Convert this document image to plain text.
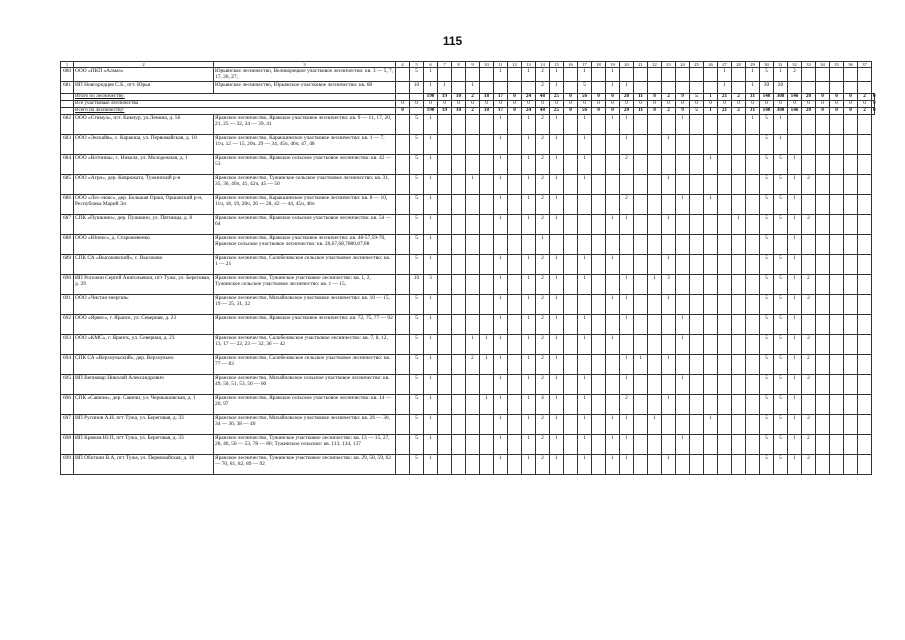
115
1	2	3	4	5	6	7	8	9	10	11	12	13	14	15	16	17	18	19	20	21	22	23	24	25	26	27	28	29	30	31	32	33	34	35	36	37	
680	ООО «ПКП «Алмаз»	Юрьянское лесничество, Великорецкое участковое лесничество: кв. 3 — 5, 7, 17, 26, 27,		5	1					1		1	2	1		1		1								1		1	5	1	2						
681	ИП Новгородцев С.Б., пгт. Юрья	Юрьянское лесничество, Юрьянское участковое лесничество: кв. 68		10	1	1		1					2	1		5		1	1							1		1	30	20							
	Итого по лесничеству:				190	19	10	2	18	17	0	24	48	25	0	56	0	0	20	11	8	2	9	5	1	21	2	31	148	308	146	20	0	0	0	2	0
	Все участковые лесничества		0	0	0	0	0	0	0	0	0	0	0	0	0	0	0	0	0	0	0	0	0	0	0	0	0	0	0	0	0	0	0	0	0	0	0
	Всего по лесничеству:		0		190	19	10	2	18	17	0	24	48	25	0	56	0	0	20	11	8	2	9	5	1	21	2	31	148	308	146	20	0	0	0	2	0
682	ООО «Стимул», пгт. Кикнур, ул.Ленина, д. 56	Яранское лесничество, Яранское участковое лесничество: кв. 9 — 11, 17, 20, 21, 25 — 32, 34 — 39, 41		5	1					1		1	2	1		1		1	1				1					1	5	1							
683	ООО «Экскайв», с. Каракша, ул. Первомайская, д. 18	Яранское лесничество, Каракшинское участковое лесничество: кв. 1 — 7, 11ч, 12 — 15, 20ч, 29 — 34, 45ч, 46ч, 47, 48		5	1					1		1	2	1		1			1			1							5	1							
684	ООО «Вотчина», с. Никола, ул. Молодежная, д. 1	Яранское лесничество, Яранское сельское участковое лесничество: кв. 42 — 53		5	1					1		1	2	1		1			2						1				5	5	1						
685	ООО «Агро», дер. Коврижата, Тужинский р-н	Яранское лесничество, Тужинское сельское участковое лесничество: кв. 31, 35, 36, 40ч, 41, 42ч, 45 — 50		5	1			1		1		1	2	1		1						1							5	5	1	2					
686	ООО «Лес-люкс», дер. Большая Оршa, Оршанский р-н, Республика Марий Эл	Яранское лесничество, Каракшинское участковое лесничество: кв. 8 — 10, 11ч, 18, 19, 20ч, 26 — 28, 42 — 44, 45ч, 46ч		5	1					1		1	2	1					2				1		1				5	5	1						
687	СПК «Пушкино», дер. Пушкино, ул. Пятницы, д. 8	Яранское лесничество, Яранское сельское участковое лесничество: кв. 54 — 64		5	1					1		1	2	1				1	1			1					1		5	5	1	2					
688	ООО «Юпекс», д. Старожевенко	Яранское лесничество, Яранское участковое лесничество: кв. 48-57,59-70, Яранское сельское участковое лесничество: кв. 26,67,68,7880,87,88		5	1								1																5		1						
689	СПК СА «Высоковский», с. Высоково	Яранское лесничество, Салобелякское сельское участковое лесничество: кв. 1 — 21		5	1					1		1	2	1		1		1				1							5	5	1						
690	ИП Рогожин Сергей Анатольевич, пгт Тужа, ул. Береговая, д. 29	Яранское лесничество, Тужинское участковое лесничество: кв. 1, 2, Тужинское сельское участковое лесничество: кв. 1 — 15,		10	3					1		1	2	1		1			1		1	3							5	5	1	2					
691	ООО «Чистая энергия»	Яранское лесничество, Михайловское участковое лесничество: кв. 10 — 15, 19 — 25, 31, 32		5	1					1		1	2	1				1	1			1							5	5	1	2					
692	ООО «Ярвес», г. Яранск, ул. Северная, д. 23	Яранское лесничество, Яранское участковое лесничество: кв. 72, 75, 77 — 92		5	1					1		1	2	1		1			1				1						5	5	1						
693	ООО «КМС», г. Яранск, ул. Северная, д. 23	Яранское лесничество, Салобелякское участковое лесничество: кв. 7, 8, 12, 13, 17 — 22, 23 — 32, 36 — 42		5	1			1	1	1		1	2	1		1		1					1						5	5	1	2					
694	СПК СА «Верхоульский», дер. Верхоульно	Яранское лесничество, Салобелякское сельское участковое лесничество: кв. 77 — 83		5	1			2	1	1		1	2	1					1	1		1							5	5	1	2					
695	ИП Вепнавар Николай Александрович	Яранское лесничество, Михайловское сельское участковое лесничество: кв. 49, 50, 51, 53, 56 — 60		5	1					1		1	2	1		1			1				1						5	5	1	2					
696	СПК «Савичи», дер. Савичи, ул. Чернышовская, д. 1	Яранское лесничество, Яранское сельское участковое лесничество: кв. 14 — 20, 97		5	1				1	1		1	4	1		1			2			1							5	5	1						
697	ИП Русинов А.Н, пгт Тужа, ул. Береговая, д. 33	Яранское лесничество, Михайловское участковое лесничество: кв. 26 — 30, 34 — 36, 38 — 40		5	1					1		1	2	1		1		1	1		1				1				5	5	1	2					
698	ИП Кряжев Ю.П, пгт Тужа, ул. Береговая, д. 33	Яранское лесничество, Тужинское участковое лесничество: кв. 13 — 15, 27, 28, 46, 50 — 53, 78 — 80; Тужинское сельское: кв. 113, 134, 137		5	1					1		1	2	1		1		1	1				1						5	5	1	2					
699	ИП Оботкин В.А, пгт Тужа, ул. Первомайская, д. 16	Яранское лесничество, Тужинское участковое лесничество: кв. 29, 58, 59, 62 — 70, 81, 82, 89 — 92		5	1					1		1	2	1		1		1	1			1							5	5	1	2					
